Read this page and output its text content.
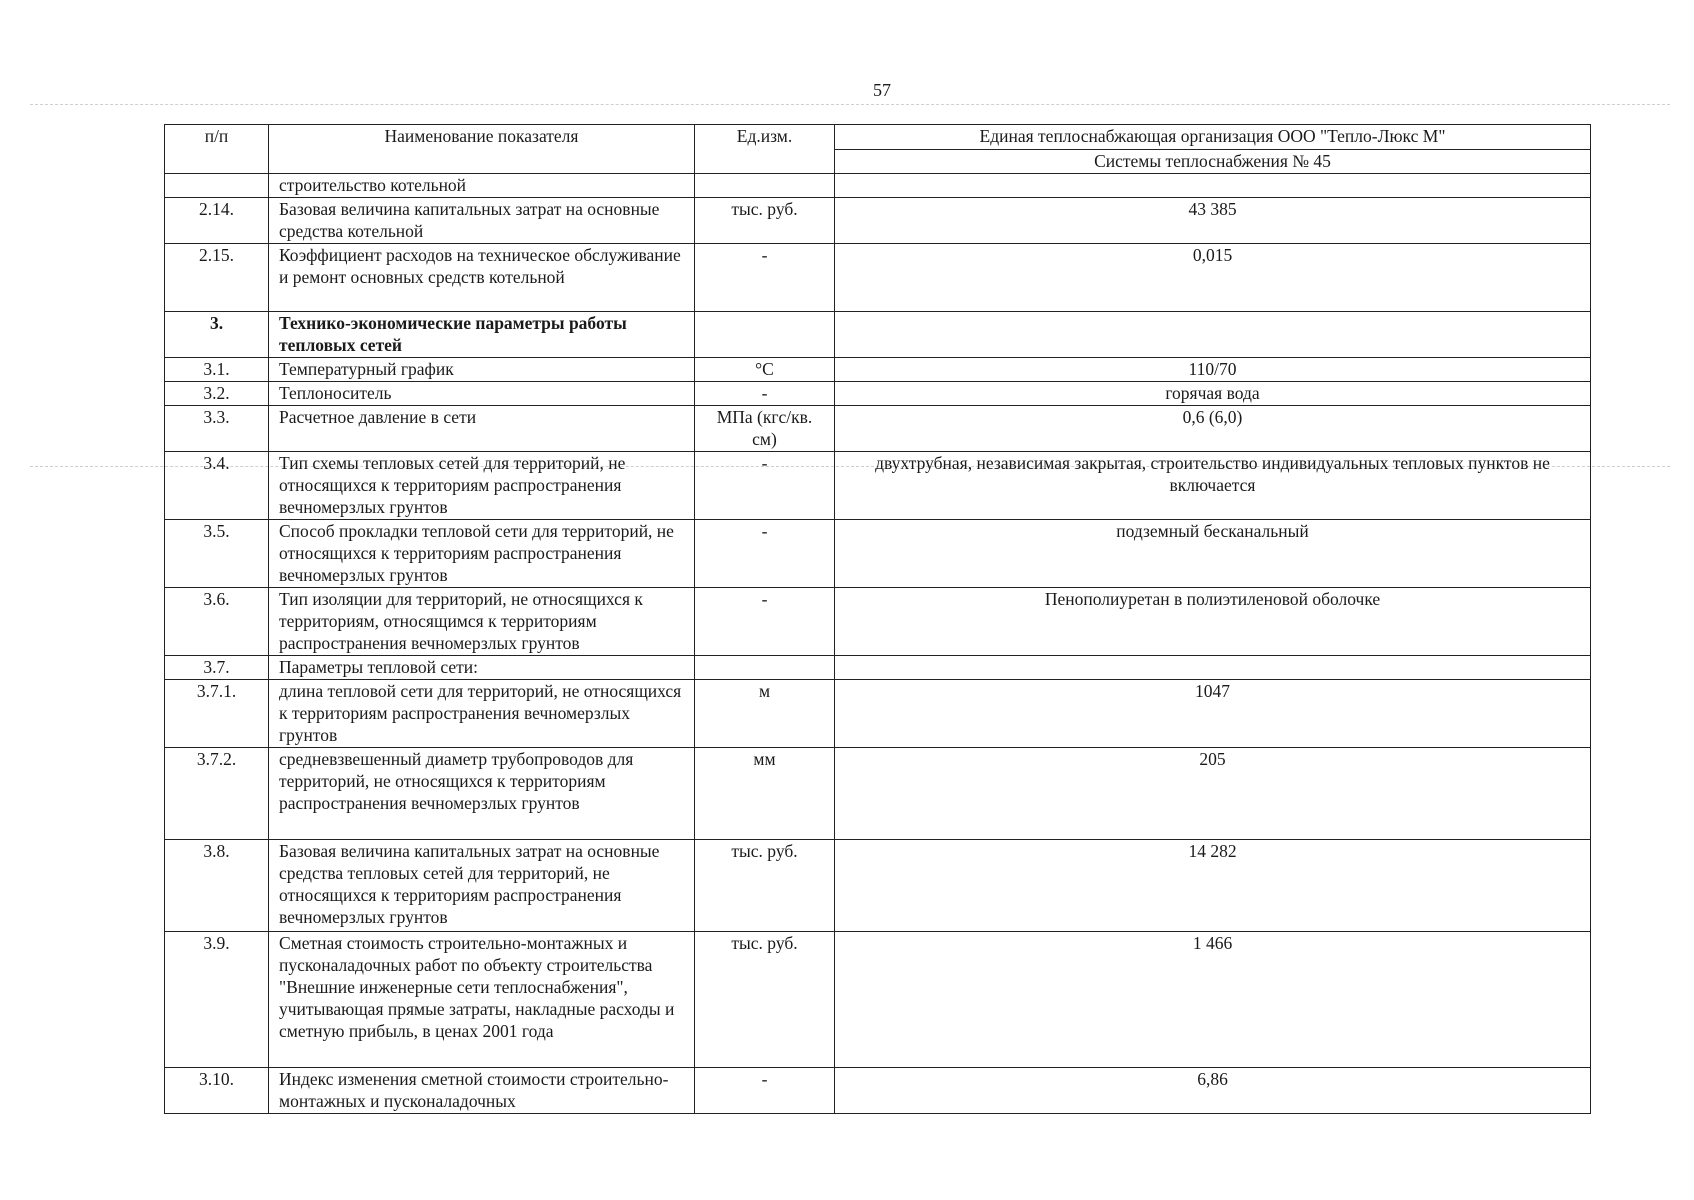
57
п/п	Наименование показателя	Ед.изм.	Единая теплоснабжающая организация ООО "Тепло-Люкс М"
			Системы теплоснабжения № 45
	строительство котельной		
2.14.	Базовая величина капитальных затрат на основные средства котельной	тыс. руб.	43 385
2.15.	Коэффициент расходов на техническое обслуживание и ремонт основных средств котельной	-	0,015
3.	Технико-экономические параметры работы тепловых сетей		
3.1.	Температурный график	°С	110/70
3.2.	Теплоноситель	-	горячая вода
3.3.	Расчетное давление в сети	МПа (кгс/кв. см)	0,6 (6,0)
3.4.	Тип схемы тепловых сетей для территорий, не относящихся к территориям распространения вечномерзлых грунтов	-	двухтрубная, независимая закрытая, строительство индивидуальных тепловых пунктов не включается
3.5.	Способ прокладки тепловой сети для территорий, не относящихся к территориям распространения вечномерзлых грунтов	-	подземный бесканальный
3.6.	Тип изоляции для территорий, не относящихся к территориям, относящимся к территориям распространения вечномерзлых грунтов	-	Пенополиуретан в полиэтиленовой оболочке
3.7.	Параметры тепловой сети:		
3.7.1.	длина тепловой сети для территорий, не относящихся к территориям распространения вечномерзлых грунтов	м	1047
3.7.2.	средневзвешенный диаметр трубопроводов для территорий, не относящихся к территориям распространения вечномерзлых грунтов	мм	205
3.8.	Базовая величина капитальных затрат на основные средства тепловых сетей для территорий, не относящихся к территориям распространения вечномерзлых грунтов	тыс. руб.	14 282
3.9.	Сметная стоимость строительно-монтажных и пусконаладочных работ по объекту строительства "Внешние инженерные сети теплоснабжения", учитывающая прямые затраты, накладные расходы и сметную прибыль, в ценах 2001 года	тыс. руб.	1 466
3.10.	Индекс изменения сметной стоимости строительно-монтажных и пусконаладочных	-	6,86
